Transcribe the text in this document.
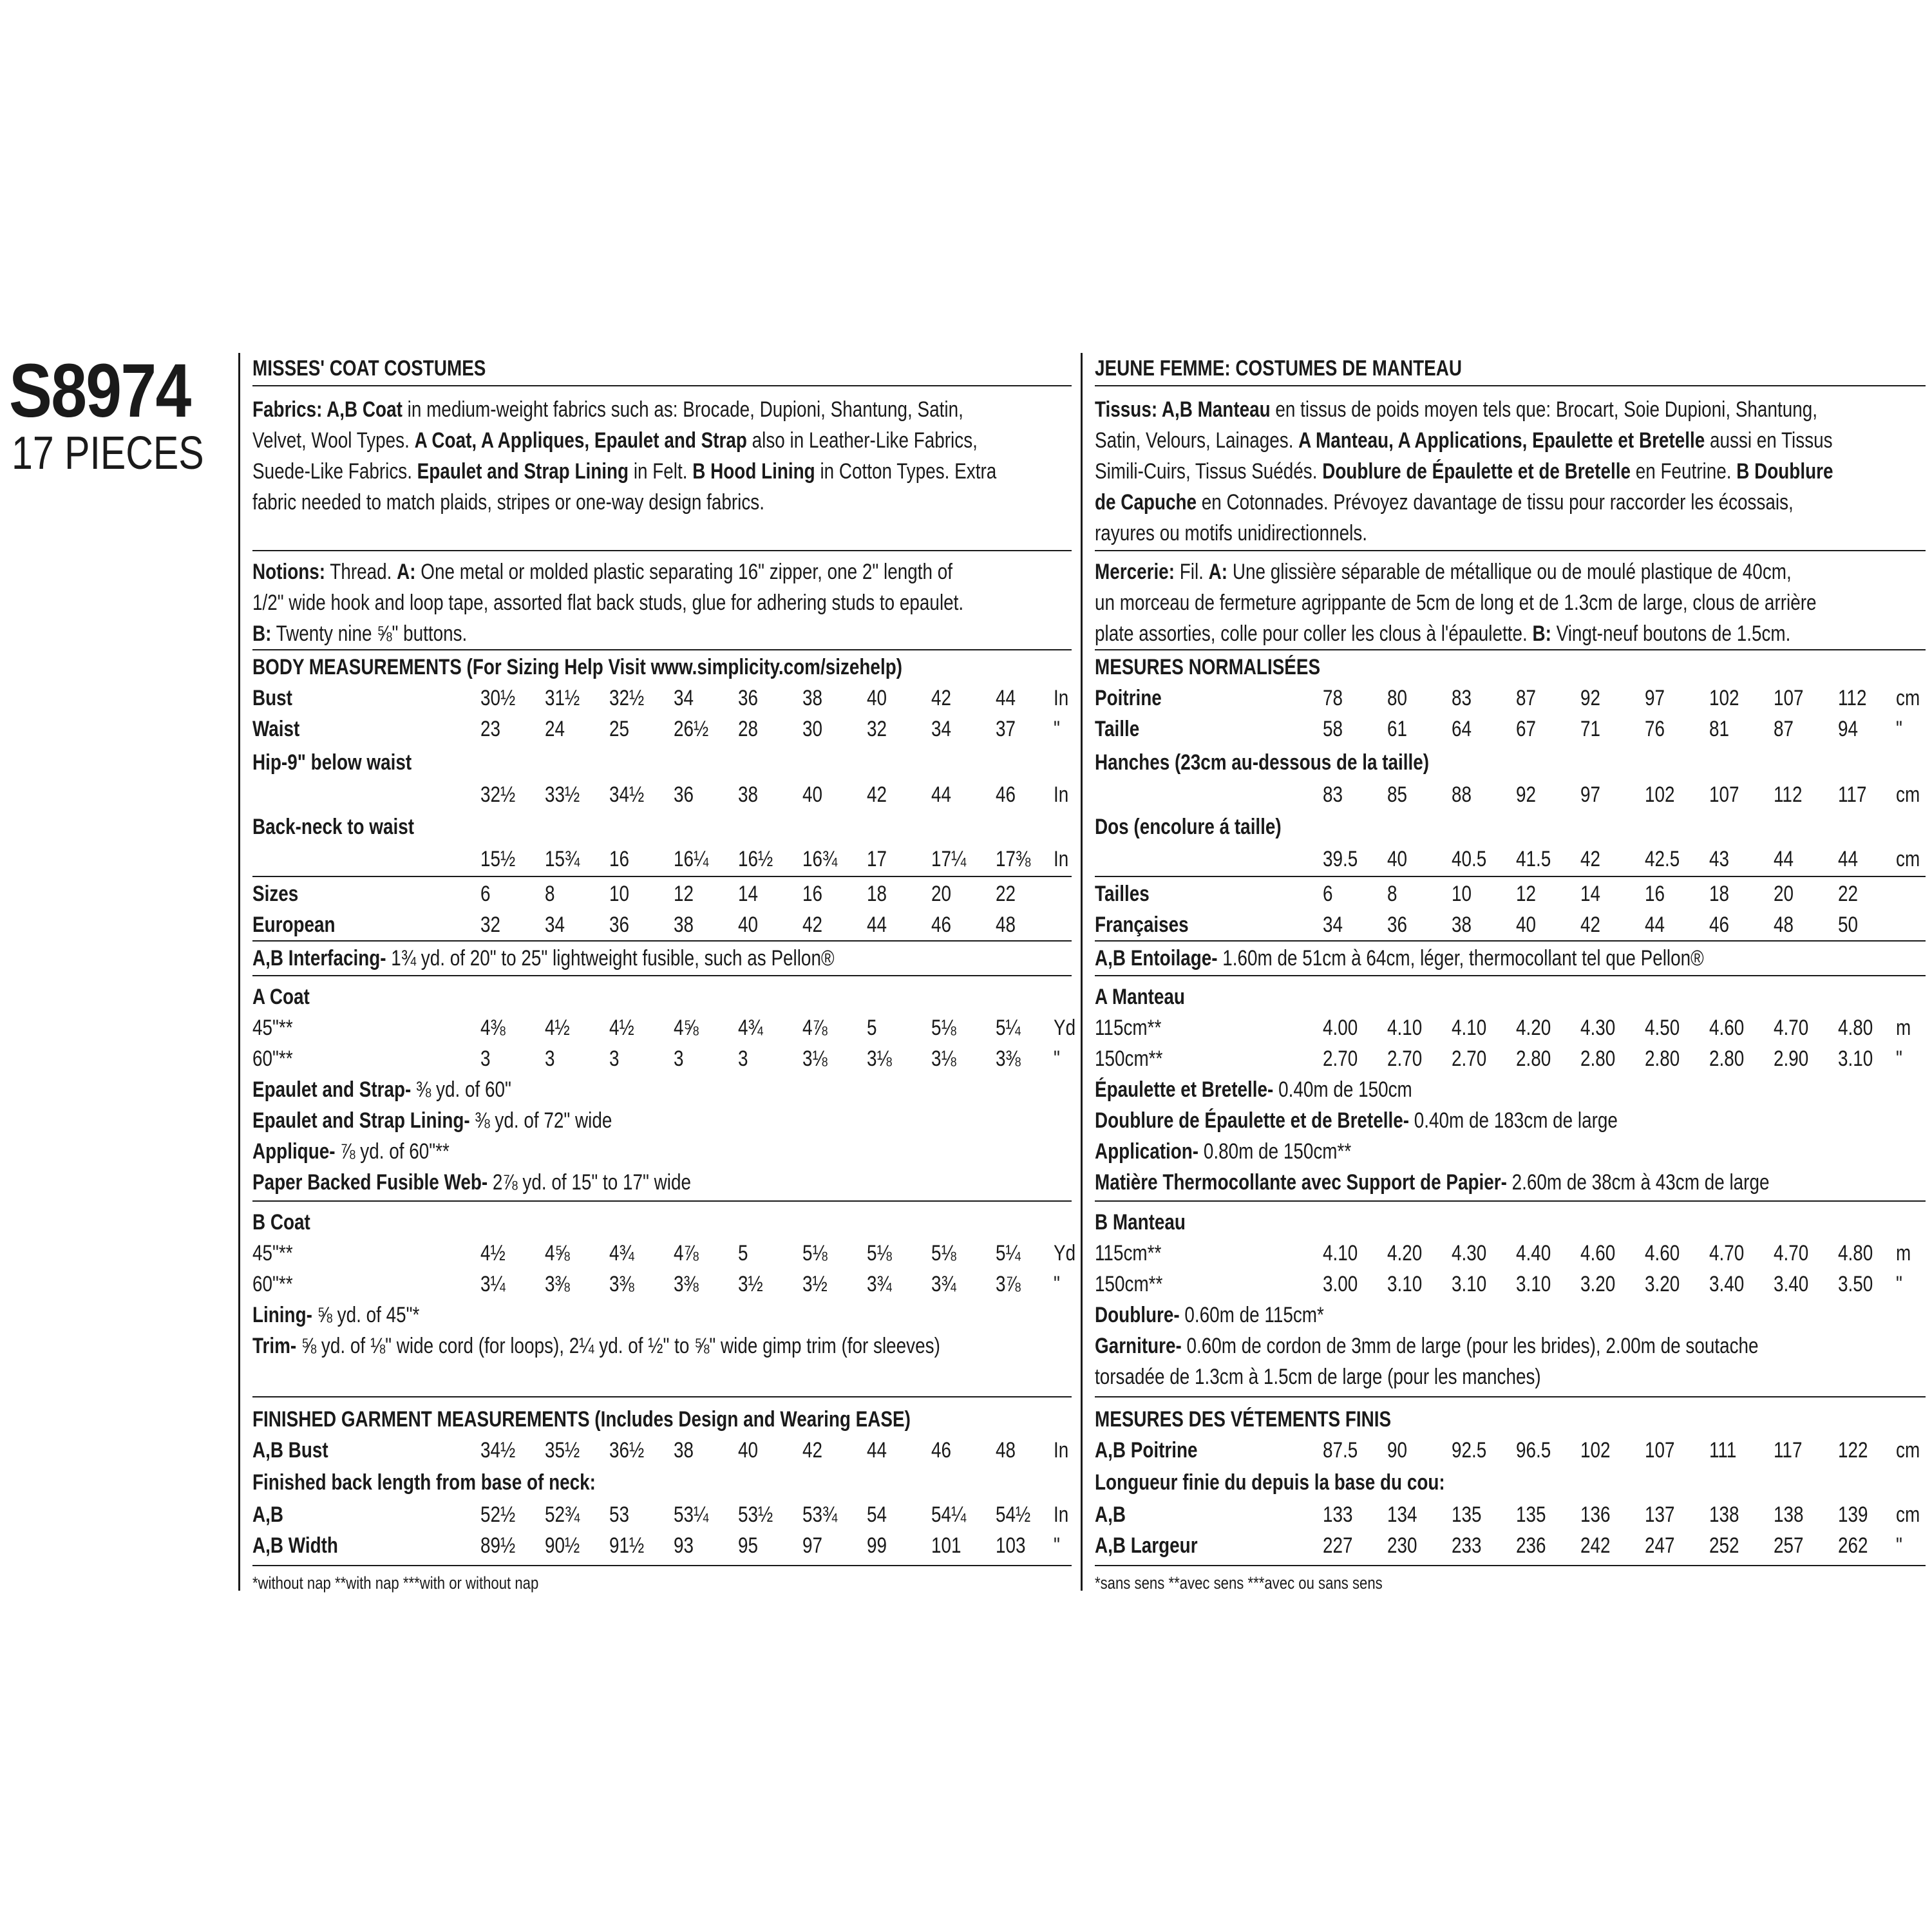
S8974
17 PIECES
MISSES' COAT COSTUMES
Fabrics: A,B Coat in medium-weight fabrics such as: Brocade, Dupioni, Shantung, Satin,
Velvet, Wool Types. A Coat, A Appliques, Epaulet and Strap also in Leather-Like Fabrics,
Suede-Like Fabrics. Epaulet and Strap Lining in Felt. B Hood Lining in Cotton Types. Extra
fabric needed to match plaids, stripes or one-way design fabrics.
Notions: Thread. A: One metal or molded plastic separating 16" zipper, one 2" length of
1/2" wide hook and loop tape, assorted flat back studs, glue for adhering studs to epaulet.
B: Twenty nine ⅝" buttons.
BODY MEASUREMENTS (For Sizing Help Visit www.simplicity.com/sizehelp)
Bust	30½ 31½ 32½ 34 36 38 40 42 44 In
Waist	23 24 25 26½ 28 30 32 34 37 "
Hip-9" below waist
32½ 33½ 34½ 36 38 40 42 44 46 In
Back-neck to waist
15½ 15¾ 16 16¼ 16½ 16¾ 17 17¼ 17⅜ In
Sizes	6 8 10 12 14 16 18 20 22
European	32 34 36 38 40 42 44 46 48
A,B Interfacing- 1¾ yd. of 20" to 25" lightweight fusible, such as Pellon®
A Coat
45"**	4⅜ 4½ 4½ 4⅝ 4¾ 4⅞ 5 5⅛ 5¼ Yd
60"**	3 3 3 3 3 3⅛ 3⅛ 3⅛ 3⅜ "
Epaulet and Strap- ⅜ yd. of 60"
Epaulet and Strap Lining- ⅜ yd. of 72" wide
Applique- ⅞ yd. of 60"**
Paper Backed Fusible Web- 2⅞ yd. of 15" to 17" wide
B Coat
45"**	4½ 4⅝ 4¾ 4⅞ 5 5⅛ 5⅛ 5⅛ 5¼ Yd
60"**	3¼ 3⅜ 3⅜ 3⅜ 3½ 3½ 3¾ 3¾ 3⅞ "
Lining- ⅝ yd. of 45"*
Trim- ⅝ yd. of ⅛" wide cord (for loops), 2¼ yd. of ½" to ⅝" wide gimp trim (for sleeves)
FINISHED GARMENT MEASUREMENTS (Includes Design and Wearing EASE)
A,B Bust	34½ 35½ 36½ 38 40 42 44 46 48 In
Finished back length from base of neck:
A,B	52½ 52¾ 53 53¼ 53½ 53¾ 54 54¼ 54½ In
A,B Width	89½ 90½ 91½ 93 95 97 99 101 103 "
*without nap **with nap ***with or without nap
JEUNE FEMME: COSTUMES DE MANTEAU
Tissus: A,B Manteau en tissus de poids moyen tels que: Brocart, Soie Dupioni, Shantung,
Satin, Velours, Lainages. A Manteau, A Applications, Epaulette et Bretelle aussi en Tissus
Simili-Cuirs, Tissus Suédés. Doublure de Épaulette et de Bretelle en Feutrine. B Doublure
de Capuche en Cotonnades. Prévoyez davantage de tissu pour raccorder les écossais,
rayures ou motifs unidirectionnels.
Mercerie: Fil. A: Une glissière séparable de métallique ou de moulé plastique de 40cm,
un morceau de fermeture agrippante de 5cm de long et de 1.3cm de large, clous de arrière
plate assorties, colle pour coller les clous à l'épaulette. B: Vingt-neuf boutons de 1.5cm.
MESURES NORMALISÉES
Poitrine	78 80 83 87 92 97 102 107 112 cm
Taille	58 61 64 67 71 76 81 87 94 "
Hanches (23cm au-dessous de la taille)
83 85 88 92 97 102 107 112 117 cm
Dos (encolure á taille)
39.5 40 40.5 41.5 42 42.5 43 44 44 cm
Tailles	6 8 10 12 14 16 18 20 22
Françaises	34 36 38 40 42 44 46 48 50
A,B Entoilage- 1.60m de 51cm à 64cm, léger, thermocollant tel que Pellon®
A Manteau
115cm**	4.00 4.10 4.10 4.20 4.30 4.50 4.60 4.70 4.80 m
150cm**	2.70 2.70 2.70 2.80 2.80 2.80 2.80 2.90 3.10 "
Épaulette et Bretelle- 0.40m de 150cm
Doublure de Épaulette et de Bretelle- 0.40m de 183cm de large
Application- 0.80m de 150cm**
Matière Thermocollante avec Support de Papier- 2.60m de 38cm à 43cm de large
B Manteau
115cm**	4.10 4.20 4.30 4.40 4.60 4.60 4.70 4.70 4.80 m
150cm**	3.00 3.10 3.10 3.10 3.20 3.20 3.40 3.40 3.50 "
Doublure- 0.60m de 115cm*
Garniture- 0.60m de cordon de 3mm de large (pour les brides), 2.00m de soutache
torsadée de 1.3cm à 1.5cm de large (pour les manches)
MESURES DES VÉTEMENTS FINIS
A,B Poitrine	87.5 90 92.5 96.5 102 107 111 117 122 cm
Longueur finie du depuis la base du cou:
A,B	133 134 135 135 136 137 138 138 139 cm
A,B Largeur	227 230 233 236 242 247 252 257 262 "
*sans sens **avec sens ***avec ou sans sens
